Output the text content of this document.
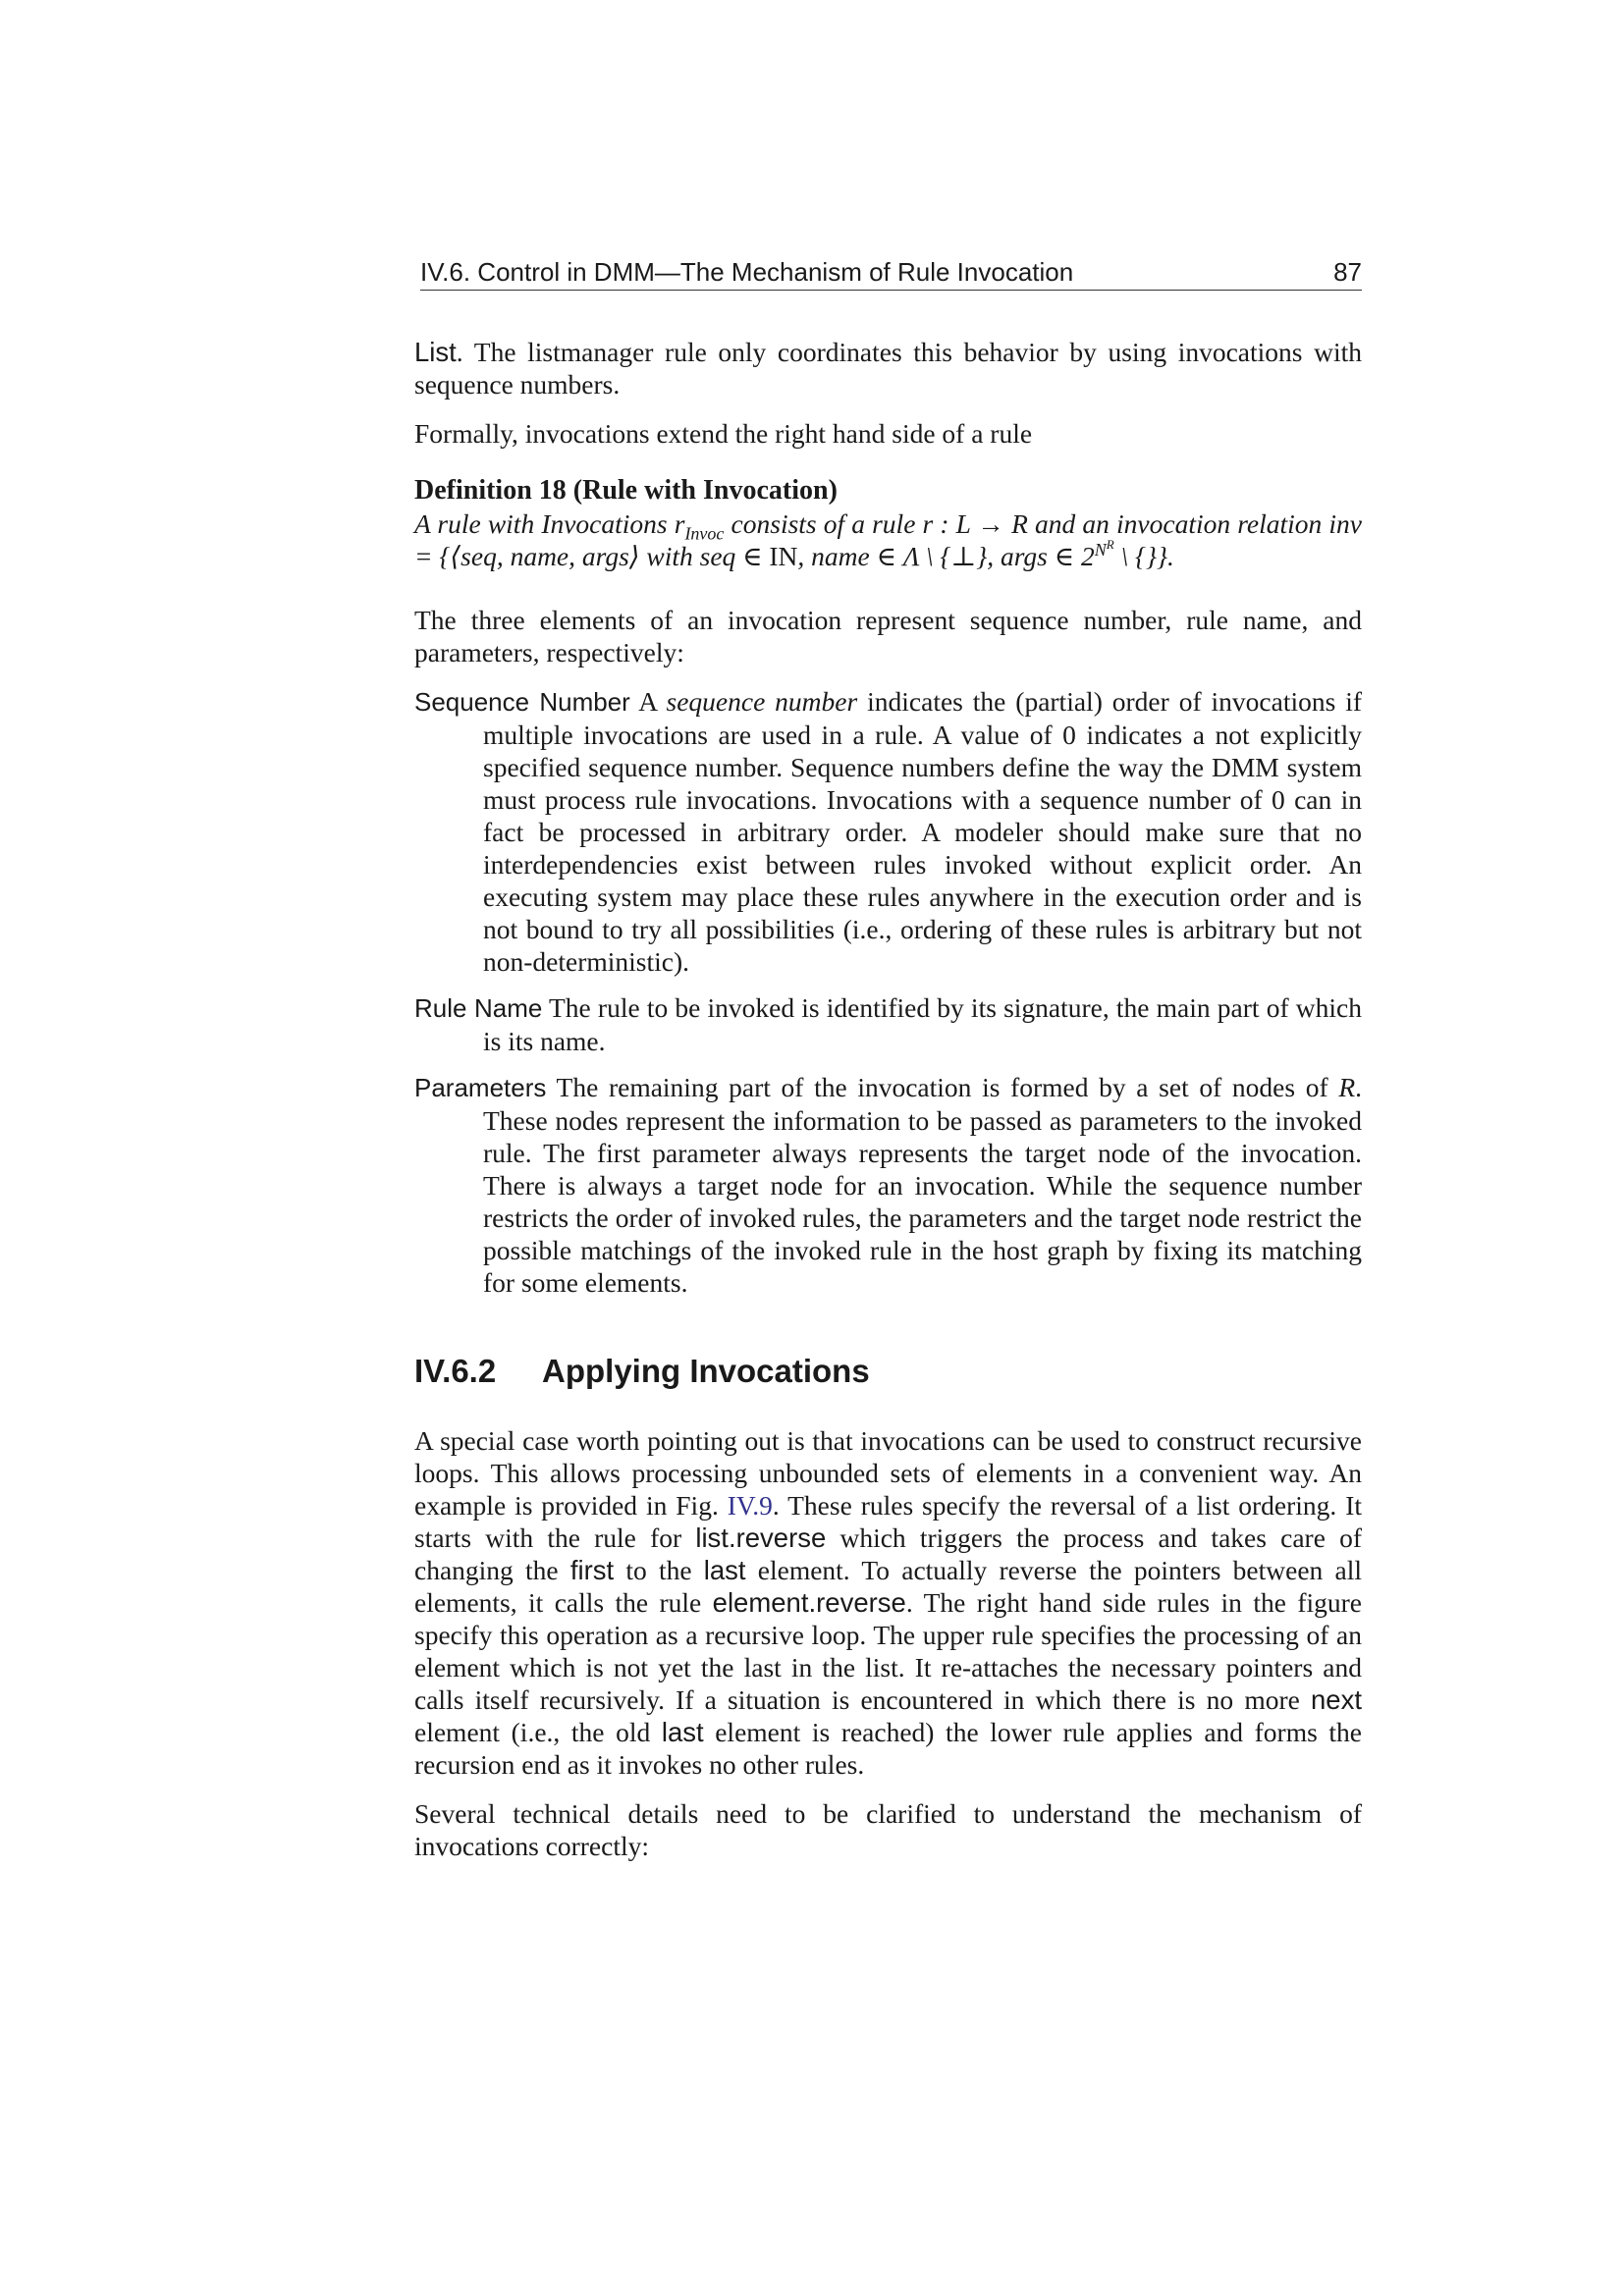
IV.6. Control in DMM—The Mechanism of Rule Invocation	87

List. The listmanager rule only coordinates this behavior by using invocations with sequence numbers.

Formally, invocations extend the right hand side of a rule

Definition 18 (Rule with Invocation)
A rule with Invocations $r_{Invoc}$ consists of a rule r : L → R and an invocation relation inv = {⟨seq, name, args⟩ with seq ∈ IN, name ∈ Λ \ {⊥}, args ∈ $2^{N^R}$ \ {}}.

The three elements of an invocation represent sequence number, rule name, and parameters, respectively:

Sequence Number A sequence number indicates the (partial) order of invocations if multiple invocations are used in a rule. A value of 0 indicates a not explicitly specified sequence number. Sequence numbers define the way the DMM system must process rule invocations. Invocations with a sequence number of 0 can in fact be processed in arbitrary order. A modeler should make sure that no interdependencies exist between rules invoked without explicit order. An executing system may place these rules anywhere in the execution order and is not bound to try all possibilities (i.e., ordering of these rules is arbitrary but not non-deterministic).
Rule Name The rule to be invoked is identified by its signature, the main part of which is its name.
Parameters The remaining part of the invocation is formed by a set of nodes of R. These nodes represent the information to be passed as parameters to the invoked rule. The first parameter always represents the target node of the invocation. There is always a target node for an invocation. While the sequence number restricts the order of invoked rules, the parameters and the target node restrict the possible matchings of the invoked rule in the host graph by fixing its matching for some elements.
IV.6.2 Applying Invocations

A special case worth pointing out is that invocations can be used to construct recursive loops. This allows processing unbounded sets of elements in a convenient way. An example is provided in Fig. IV.9. These rules specify the reversal of a list ordering. It starts with the rule for list.reverse which triggers the process and takes care of changing the first to the last element. To actually reverse the pointers between all elements, it calls the rule element.reverse. The right hand side rules in the figure specify this operation as a recursive loop. The upper rule specifies the processing of an element which is not yet the last in the list. It re-attaches the necessary pointers and calls itself recursively. If a situation is encountered in which there is no more next element (i.e., the old last element is reached) the lower rule applies and forms the recursion end as it invokes no other rules.

Several technical details need to be clarified to understand the mechanism of invocations correctly:
